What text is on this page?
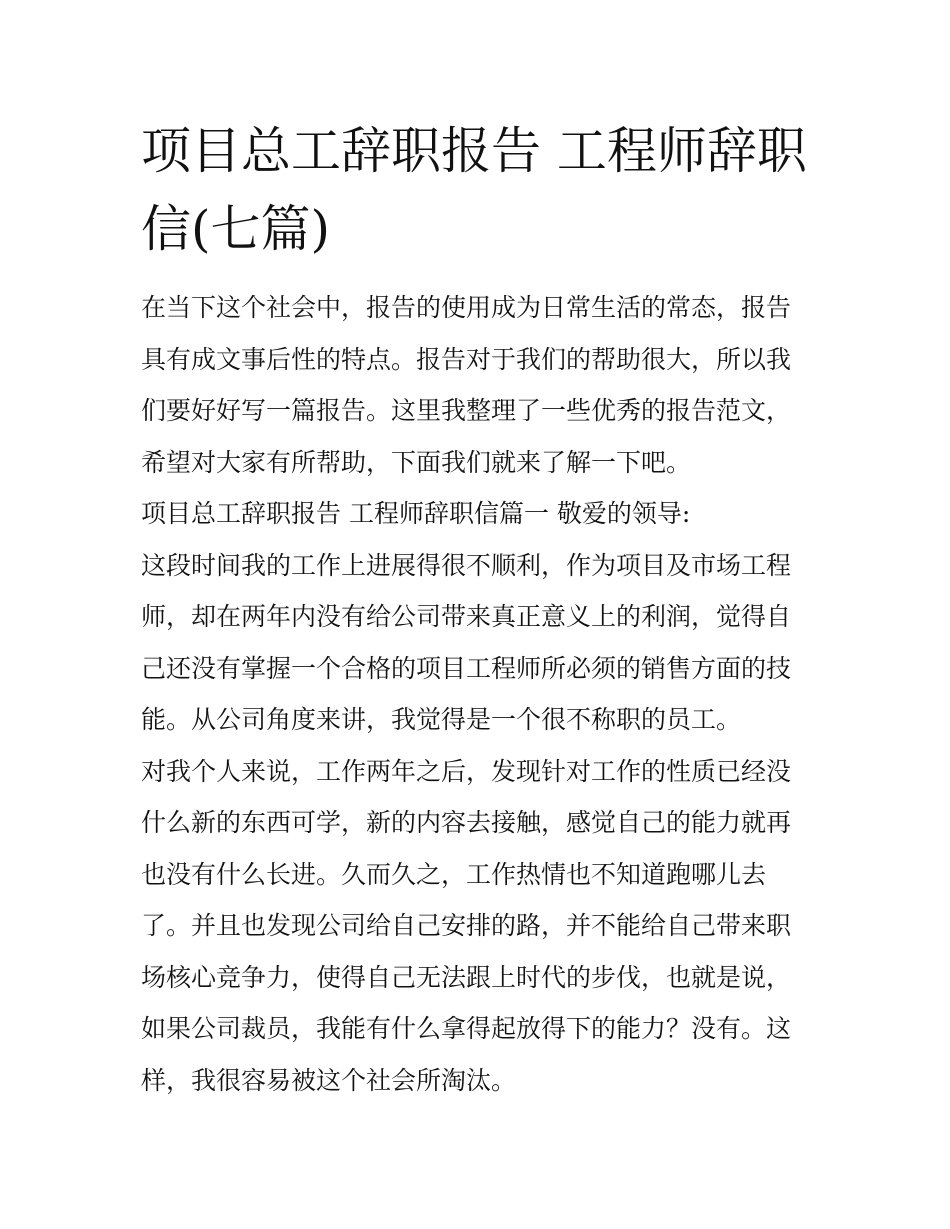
项目总工辞职报告 工程师辞职信(七篇)

在当下这个社会中，报告的使用成为日常生活的常态，报告具有成文事后性的特点。报告对于我们的帮助很大，所以我们要好好写一篇报告。这里我整理了一些优秀的报告范文，希望对大家有所帮助，下面我们就来了解一下吧。

项目总工辞职报告 工程师辞职信篇一 敬爱的领导:

这段时间我的工作上进展得很不顺利，作为项目及市场工程师，却在两年内没有给公司带来真正意义上的利润，觉得自己还没有掌握一个合格的项目工程师所必须的销售方面的技能。从公司角度来讲，我觉得是一个很不称职的员工。

对我个人来说，工作两年之后，发现针对工作的性质已经没什么新的东西可学，新的内容去接触，感觉自己的能力就再也没有什么长进。久而久之，工作热情也不知道跑哪儿去了。并且也发现公司给自己安排的路，并不能给自己带来职场核心竞争力，使得自己无法跟上时代的步伐，也就是说，如果公司裁员，我能有什么拿得起放得下的能力？没有。这样，我很容易被这个社会所淘汰。
